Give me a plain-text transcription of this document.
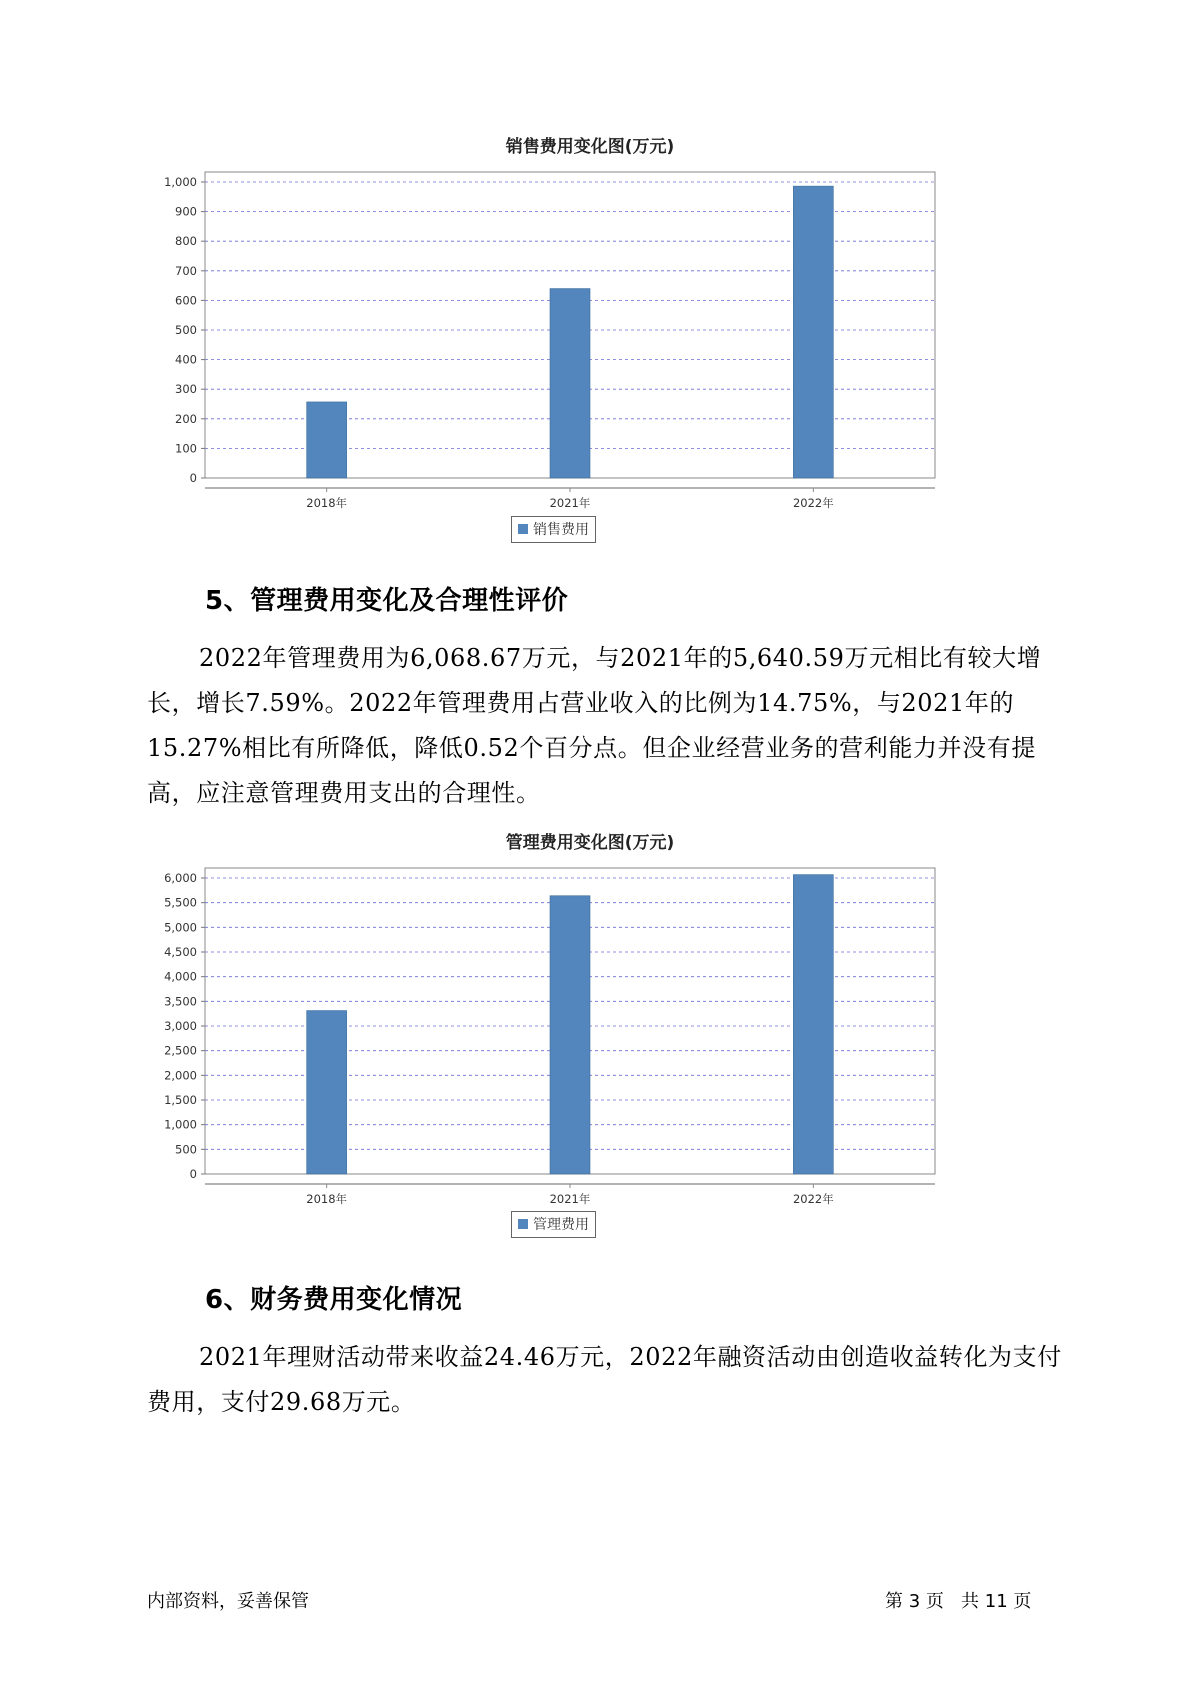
销售费用变化图(万元)
0
100
200
300
400
500
600
700
800
900
1,000
2018年	2021年	2022年
销售费用
5、管理费用变化及合理性评价

2022年管理费用为6,068.67万元，与2021年的5,640.59万元相比有较大增长，增长7.59%。2022年管理费用占营业收入的比例为14.75%，与2021年的15.27%相比有所降低，降低0.52个百分点。但企业经营业务的营利能力并没有提高，应注意管理费用支出的合理性。

管理费用变化图(万元)
0
500
1,000
1,500
2,000
2,500
3,000
3,500
4,000
4,500
5,000
5,500
6,000
2018年	2021年	2022年
管理费用
6、财务费用变化情况

2021年理财活动带来收益24.46万元，2022年融资活动由创造收益转化为支付费用，支付29.68万元。

内部资料，妥善保管	第 3 页   共 11 页
